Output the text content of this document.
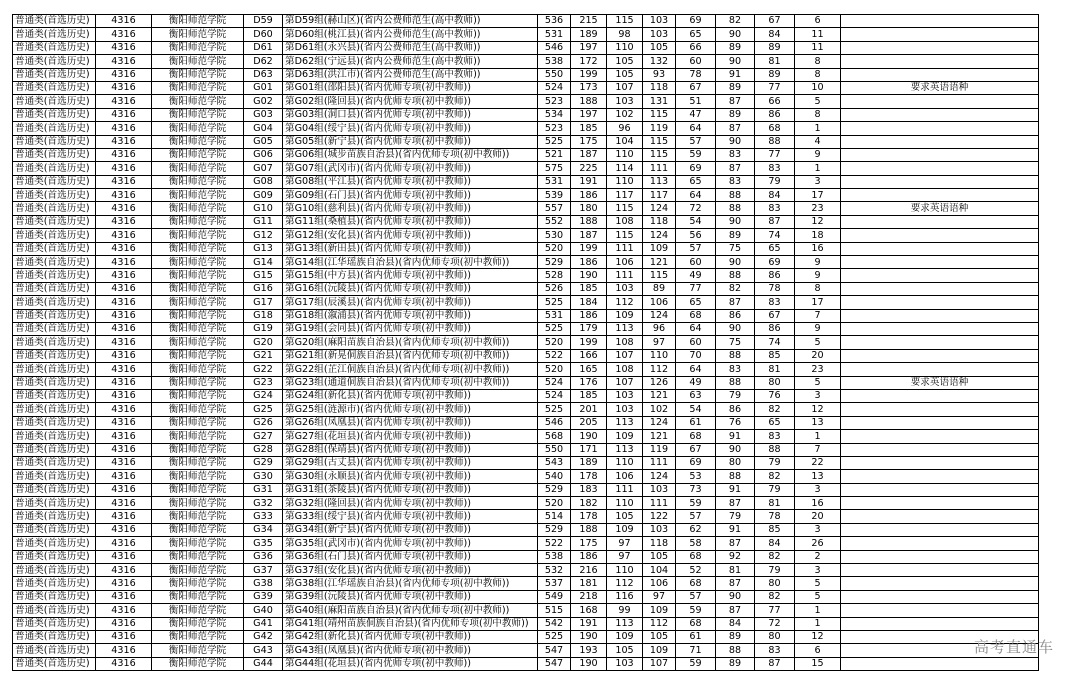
普通类(首选历史)	4316	衡阳师范学院	D59	第D59组(赫山区)(省内公费师范生(高中教师))	536	215	115	103	69	82	67	6	
普通类(首选历史)	4316	衡阳师范学院	D60	第D60组(桃江县)(省内公费师范生(高中教师))	531	189	98	103	65	90	84	11	
普通类(首选历史)	4316	衡阳师范学院	D61	第D61组(永兴县)(省内公费师范生(高中教师))	546	197	110	105	66	89	89	11	
普通类(首选历史)	4316	衡阳师范学院	D62	第D62组(宁远县)(省内公费师范生(高中教师))	538	172	105	132	60	90	81	8	
普通类(首选历史)	4316	衡阳师范学院	D63	第D63组(洪江市)(省内公费师范生(高中教师))	550	199	105	93	78	91	89	8	
普通类(首选历史)	4316	衡阳师范学院	G01	第G01组(邵阳县)(省内优师专项(初中教师))	524	173	107	118	67	89	77	10	要求英语语种
普通类(首选历史)	4316	衡阳师范学院	G02	第G02组(隆回县)(省内优师专项(初中教师))	523	188	103	131	51	87	66	5	
普通类(首选历史)	4316	衡阳师范学院	G03	第G03组(洞口县)(省内优师专项(初中教师))	534	197	102	115	47	89	86	8	
普通类(首选历史)	4316	衡阳师范学院	G04	第G04组(绥宁县)(省内优师专项(初中教师))	523	185	96	119	64	87	68	1	
普通类(首选历史)	4316	衡阳师范学院	G05	第G05组(新宁县)(省内优师专项(初中教师))	525	175	104	115	57	90	88	4	
普通类(首选历史)	4316	衡阳师范学院	G06	第G06组(城步苗族自治县)(省内优师专项(初中教师))	521	187	110	115	59	83	77	9	
普通类(首选历史)	4316	衡阳师范学院	G07	第G07组(武冈市)(省内优师专项(初中教师))	575	225	114	111	69	87	83	1	
普通类(首选历史)	4316	衡阳师范学院	G08	第G08组(平江县)(省内优师专项(初中教师))	531	191	110	113	65	83	79	3	
普通类(首选历史)	4316	衡阳师范学院	G09	第G09组(石门县)(省内优师专项(初中教师))	539	186	117	117	64	88	84	17	
普通类(首选历史)	4316	衡阳师范学院	G10	第G10组(慈利县)(省内优师专项(初中教师))	557	180	115	124	72	88	83	23	要求英语语种
普通类(首选历史)	4316	衡阳师范学院	G11	第G11组(桑植县)(省内优师专项(初中教师))	552	188	108	118	54	90	87	12	
普通类(首选历史)	4316	衡阳师范学院	G12	第G12组(安化县)(省内优师专项(初中教师))	530	187	115	124	56	89	74	18	
普通类(首选历史)	4316	衡阳师范学院	G13	第G13组(新田县)(省内优师专项(初中教师))	520	199	111	109	57	75	65	16	
普通类(首选历史)	4316	衡阳师范学院	G14	第G14组(江华瑶族自治县)(省内优师专项(初中教师))	529	186	106	121	60	90	69	9	
普通类(首选历史)	4316	衡阳师范学院	G15	第G15组(中方县)(省内优师专项(初中教师))	528	190	111	115	49	88	86	9	
普通类(首选历史)	4316	衡阳师范学院	G16	第G16组(沅陵县)(省内优师专项(初中教师))	526	185	103	89	77	82	78	8	
普通类(首选历史)	4316	衡阳师范学院	G17	第G17组(辰溪县)(省内优师专项(初中教师))	525	184	112	106	65	87	83	17	
普通类(首选历史)	4316	衡阳师范学院	G18	第G18组(溆浦县)(省内优师专项(初中教师))	531	186	109	124	68	86	67	7	
普通类(首选历史)	4316	衡阳师范学院	G19	第G19组(会同县)(省内优师专项(初中教师))	525	179	113	96	64	90	86	9	
普通类(首选历史)	4316	衡阳师范学院	G20	第G20组(麻阳苗族自治县)(省内优师专项(初中教师))	520	199	108	97	60	75	74	5	
普通类(首选历史)	4316	衡阳师范学院	G21	第G21组(新晃侗族自治县)(省内优师专项(初中教师))	522	166	107	110	70	88	85	20	
普通类(首选历史)	4316	衡阳师范学院	G22	第G22组(芷江侗族自治县)(省内优师专项(初中教师))	520	165	108	112	64	83	81	23	
普通类(首选历史)	4316	衡阳师范学院	G23	第G23组(通道侗族自治县)(省内优师专项(初中教师))	524	176	107	126	49	88	80	5	要求英语语种
普通类(首选历史)	4316	衡阳师范学院	G24	第G24组(新化县)(省内优师专项(初中教师))	524	185	103	121	63	79	76	3	
普通类(首选历史)	4316	衡阳师范学院	G25	第G25组(涟源市)(省内优师专项(初中教师))	525	201	103	102	54	86	82	12	
普通类(首选历史)	4316	衡阳师范学院	G26	第G26组(凤凰县)(省内优师专项(初中教师))	546	205	113	124	61	76	65	13	
普通类(首选历史)	4316	衡阳师范学院	G27	第G27组(花垣县)(省内优师专项(初中教师))	568	190	109	121	68	91	83	1	
普通类(首选历史)	4316	衡阳师范学院	G28	第G28组(保靖县)(省内优师专项(初中教师))	550	171	113	119	67	90	88	7	
普通类(首选历史)	4316	衡阳师范学院	G29	第G29组(古丈县)(省内优师专项(初中教师))	543	189	110	111	69	80	79	22	
普通类(首选历史)	4316	衡阳师范学院	G30	第G30组(永顺县)(省内优师专项(初中教师))	540	178	106	124	53	88	82	13	
普通类(首选历史)	4316	衡阳师范学院	G31	第G31组(茶陵县)(省内优师专项(初中教师))	529	183	111	103	73	91	79	3	
普通类(首选历史)	4316	衡阳师范学院	G32	第G32组(隆回县)(省内优师专项(初中教师))	520	182	110	111	59	87	81	16	
普通类(首选历史)	4316	衡阳师范学院	G33	第G33组(绥宁县)(省内优师专项(初中教师))	514	178	105	122	57	79	78	20	
普通类(首选历史)	4316	衡阳师范学院	G34	第G34组(新宁县)(省内优师专项(初中教师))	529	188	109	103	62	91	85	3	
普通类(首选历史)	4316	衡阳师范学院	G35	第G35组(武冈市)(省内优师专项(初中教师))	522	175	97	118	58	87	84	26	
普通类(首选历史)	4316	衡阳师范学院	G36	第G36组(石门县)(省内优师专项(初中教师))	538	186	97	105	68	92	82	2	
普通类(首选历史)	4316	衡阳师范学院	G37	第G37组(安化县)(省内优师专项(初中教师))	532	216	110	104	52	81	79	3	
普通类(首选历史)	4316	衡阳师范学院	G38	第G38组(江华瑶族自治县)(省内优师专项(初中教师))	537	181	112	106	68	87	80	5	
普通类(首选历史)	4316	衡阳师范学院	G39	第G39组(沅陵县)(省内优师专项(初中教师))	549	218	116	97	57	90	82	5	
普通类(首选历史)	4316	衡阳师范学院	G40	第G40组(麻阳苗族自治县)(省内优师专项(初中教师))	515	168	99	109	59	87	77	1	
普通类(首选历史)	4316	衡阳师范学院	G41	第G41组(靖州苗族侗族自治县)(省内优师专项(初中教师))	542	191	113	112	68	84	72	1	
普通类(首选历史)	4316	衡阳师范学院	G42	第G42组(新化县)(省内优师专项(初中教师))	525	190	109	105	61	89	80	12	
普通类(首选历史)	4316	衡阳师范学院	G43	第G43组(凤凰县)(省内优师专项(初中教师))	547	193	105	109	71	88	83	6	
普通类(首选历史)	4316	衡阳师范学院	G44	第G44组(花垣县)(省内优师专项(初中教师))	547	190	103	107	59	89	87	15	
高考直通车
